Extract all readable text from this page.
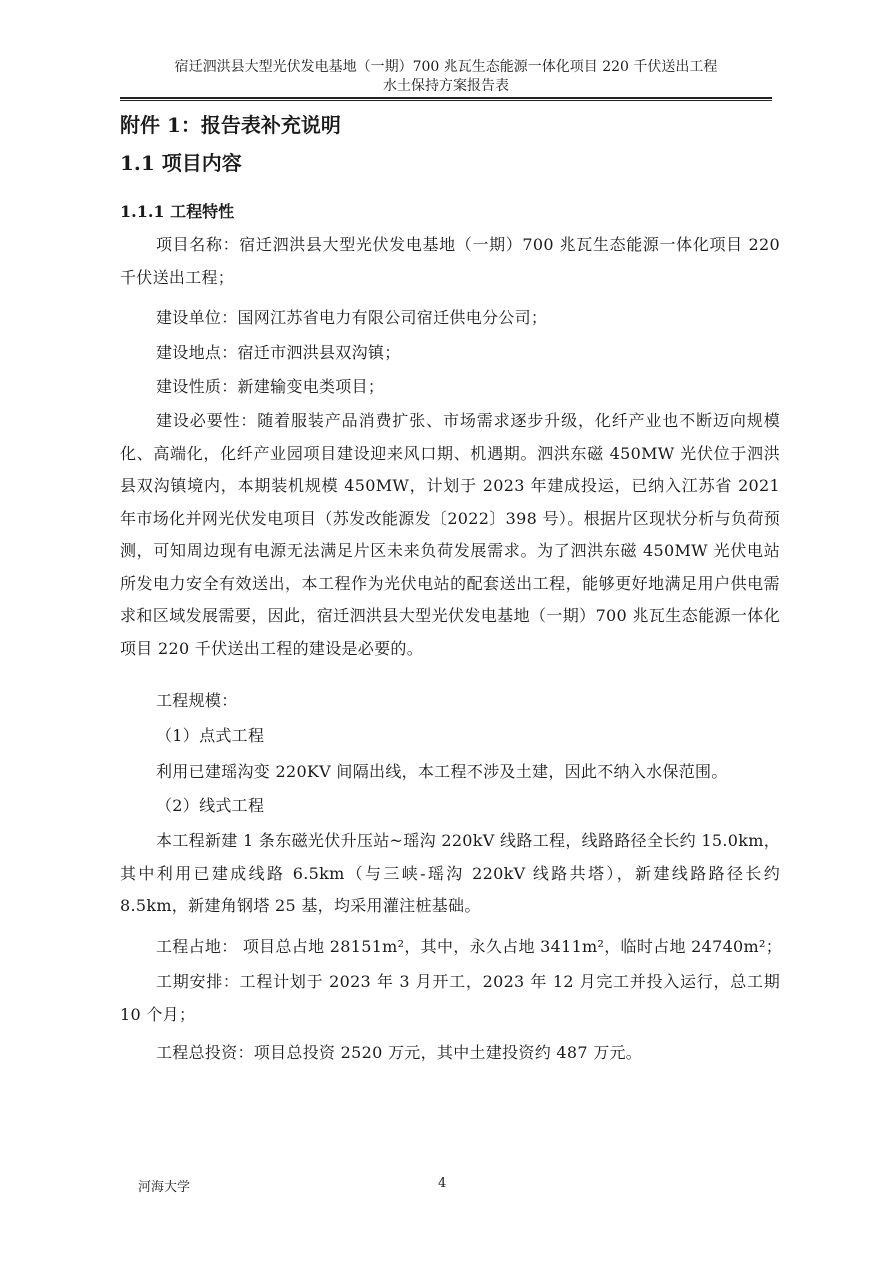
宿迁泗洪县大型光伏发电基地（一期）700 兆瓦生态能源一体化项目 220 千伏送出工程
水土保持方案报告表
附件 1：报告表补充说明
1.1 项目内容
1.1.1 工程特性
项目名称：宿迁泗洪县大型光伏发电基地（一期）700 兆瓦生态能源一体化项目 220 千伏送出工程；
建设单位：国网江苏省电力有限公司宿迁供电分公司；
建设地点：宿迁市泗洪县双沟镇；
建设性质：新建输变电类项目；
建设必要性：随着服装产品消费扩张、市场需求逐步升级，化纤产业也不断迈向规模化、高端化，化纤产业园项目建设迎来风口期、机遇期。泗洪东磁 450MW 光伏位于泗洪县双沟镇境内，本期装机规模 450MW，计划于 2023 年建成投运，已纳入江苏省 2021 年市场化并网光伏发电项目（苏发改能源发〔2022〕398 号）。根据片区现状分析与负荷预测，可知周边现有电源无法满足片区未来负荷发展需求。为了泗洪东磁 450MW 光伏电站所发电力安全有效送出，本工程作为光伏电站的配套送出工程，能够更好地满足用户供电需求和区域发展需要，因此，宿迁泗洪县大型光伏发电基地（一期）700 兆瓦生态能源一体化项目 220 千伏送出工程的建设是必要的。
工程规模：
（1）点式工程
利用已建瑶沟变 220KV 间隔出线，本工程不涉及土建，因此不纳入水保范围。
（2）线式工程
本工程新建 1 条东磁光伏升压站~瑶沟 220kV 线路工程，线路路径全长约 15.0km，其中利用已建成线路 6.5km（与三峡-瑶沟 220kV 线路共塔），新建线路路径长约 8.5km，新建角钢塔 25 基，均采用灌注桩基础。
工程占地： 项目总占地 28151m²，其中，永久占地 3411m²，临时占地 24740m²；
工期安排：工程计划于 2023 年 3 月开工，2023 年 12 月完工并投入运行，总工期 10 个月；
工程总投资：项目总投资 2520 万元，其中土建投资约 487 万元。
河海大学	4
